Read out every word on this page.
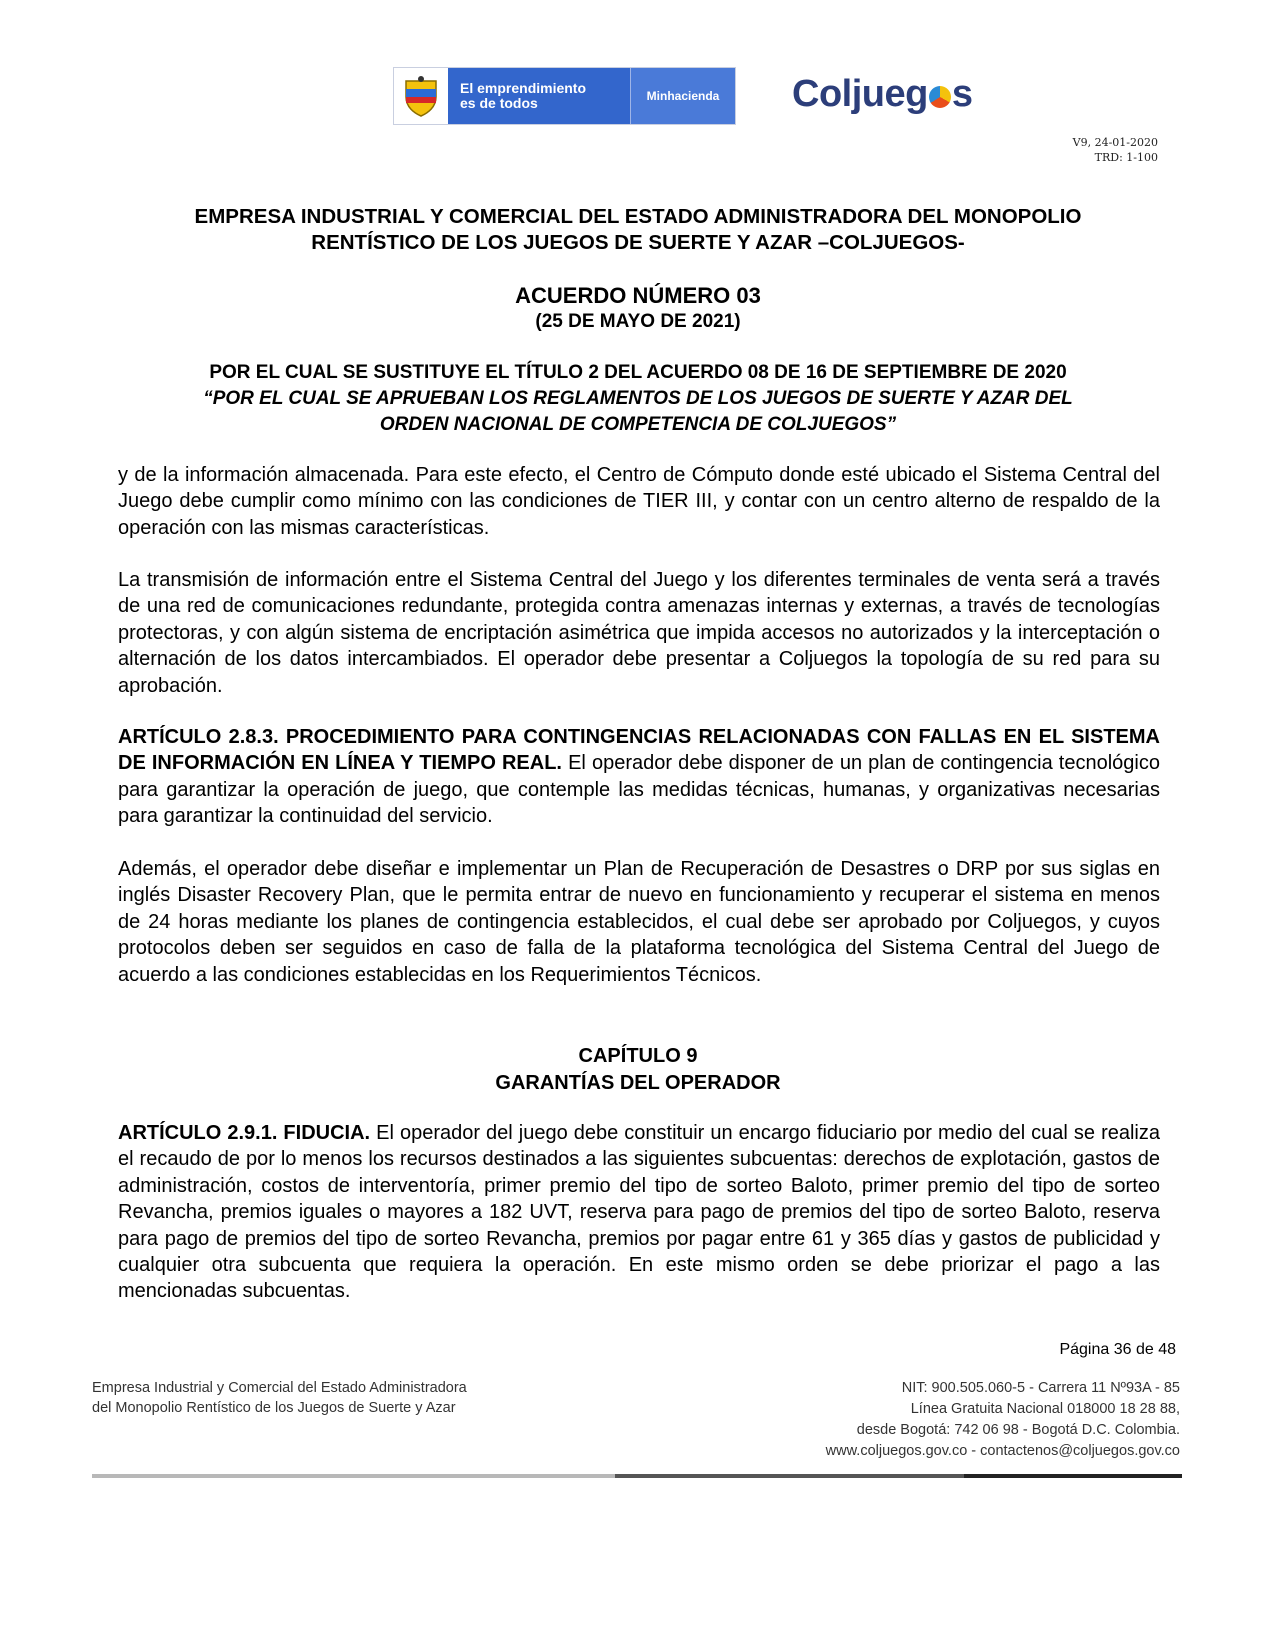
El emprendimiento
es de todos	Minhacienda	Coljueg s
V9, 24-01-2020
TRD: 1-100
EMPRESA INDUSTRIAL Y COMERCIAL DEL ESTADO ADMINISTRADORA DEL MONOPOLIO
RENTÍSTICO DE LOS JUEGOS DE SUERTE Y AZAR –COLJUEGOS-
ACUERDO NÚMERO 03
(25 DE MAYO DE 2021)
POR EL CUAL SE SUSTITUYE EL TÍTULO 2 DEL ACUERDO 08 DE 16 DE SEPTIEMBRE DE 2020
“POR EL CUAL SE APRUEBAN LOS REGLAMENTOS DE LOS JUEGOS DE SUERTE Y AZAR DEL
ORDEN NACIONAL DE COMPETENCIA DE COLJUEGOS”
y de la información almacenada. Para este efecto, el Centro de Cómputo donde esté ubicado el Sistema Central del Juego debe cumplir como mínimo con las condiciones de TIER III, y contar con un centro alterno de respaldo de la operación con las mismas características.
La transmisión de información entre el Sistema Central del Juego y los diferentes terminales de venta será a través de una red de comunicaciones redundante, protegida contra amenazas internas y externas, a través de tecnologías protectoras, y con algún sistema de encriptación asimétrica que impida accesos no autorizados y la interceptación o alternación de los datos intercambiados. El operador debe presentar a Coljuegos la topología de su red para su aprobación.
ARTÍCULO 2.8.3. PROCEDIMIENTO PARA CONTINGENCIAS RELACIONADAS CON FALLAS EN EL SISTEMA DE INFORMACIÓN EN LÍNEA Y TIEMPO REAL. El operador debe disponer de un plan de contingencia tecnológico para garantizar la operación de juego, que contemple las medidas técnicas, humanas, y organizativas necesarias para garantizar la continuidad del servicio.
Además, el operador debe diseñar e implementar un Plan de Recuperación de Desastres o DRP por sus siglas en inglés Disaster Recovery Plan, que le permita entrar de nuevo en funcionamiento y recuperar el sistema en menos de 24 horas mediante los planes de contingencia establecidos, el cual debe ser aprobado por Coljuegos, y cuyos protocolos deben ser seguidos en caso de falla de la plataforma tecnológica del Sistema Central del Juego de acuerdo a las condiciones establecidas en los Requerimientos Técnicos.
CAPÍTULO 9
GARANTÍAS DEL OPERADOR
ARTÍCULO 2.9.1. FIDUCIA. El operador del juego debe constituir un encargo fiduciario por medio del cual se realiza el recaudo de por lo menos los recursos destinados a las siguientes subcuentas: derechos de explotación, gastos de administración, costos de interventoría, primer premio del tipo de sorteo Baloto, primer premio del tipo de sorteo Revancha, premios iguales o mayores a 182 UVT, reserva para pago de premios del tipo de sorteo Baloto, reserva para pago de premios del tipo de sorteo Revancha, premios por pagar entre 61 y 365 días y gastos de publicidad y cualquier otra subcuenta que requiera la operación. En este mismo orden se debe priorizar el pago a las mencionadas subcuentas.
Página 36 de 48
Empresa Industrial y Comercial del Estado Administradora
del Monopolio Rentístico de los Juegos de Suerte y Azar
NIT: 900.505.060-5 - Carrera 11 Nº93A - 85
Línea Gratuita Nacional 018000 18 28 88,
desde Bogotá: 742 06 98 - Bogotá D.C. Colombia.
www.coljuegos.gov.co - contactenos@coljuegos.gov.co
